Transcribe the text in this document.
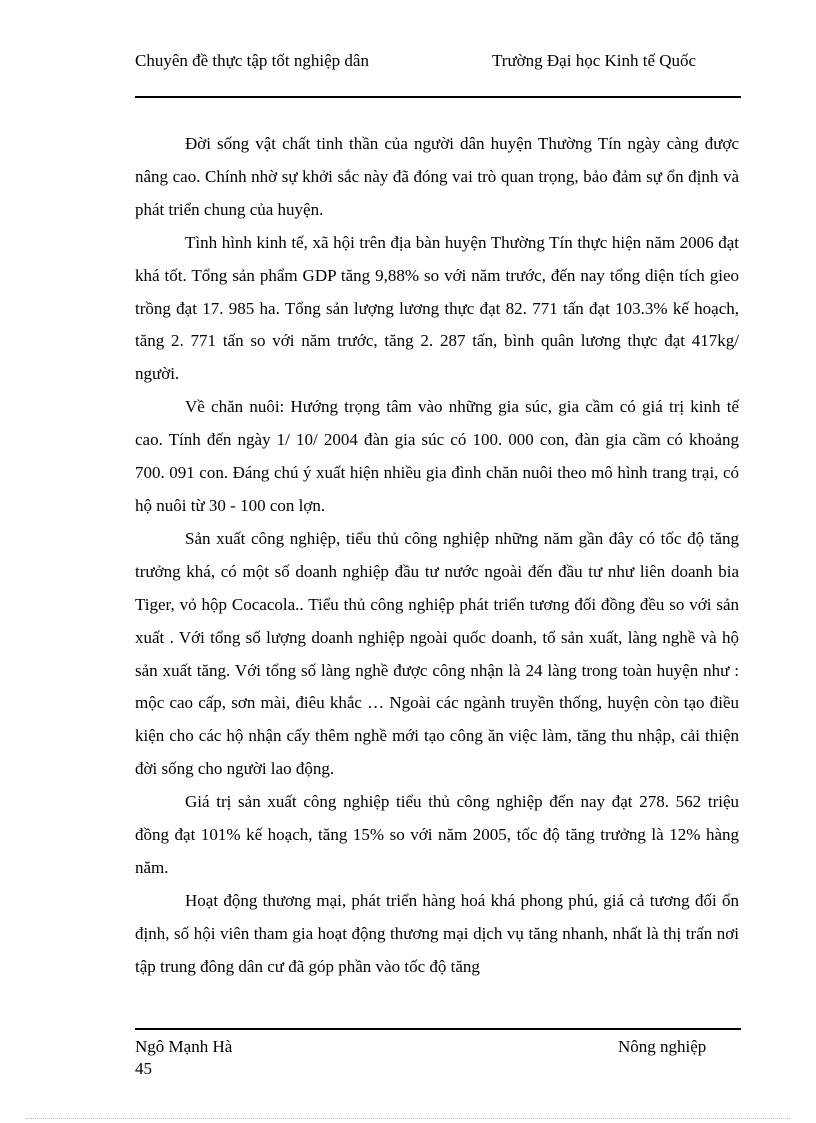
Chuyên đề thực tập tốt nghiệp dân	Trường Đại học Kinh tế Quốc

Đời sống vật chất tinh thần của người dân huyện Thường Tín ngày càng được nâng cao. Chính nhờ sự khởi sắc này đã đóng vai trò quan trọng, bảo đảm sự ổn định và phát triển chung của huyện.

Tình hình kinh tế, xã hội trên địa bàn huyện Thường Tín thực hiện năm 2006 đạt khá tốt. Tổng sản phẩm GDP tăng 9,88% so với năm trước, đến nay tổng diện tích gieo trồng đạt 17. 985 ha. Tổng sản lượng lương thực đạt 82. 771 tấn đạt 103.3% kế hoạch, tăng 2. 771 tấn so với năm trước, tăng 2. 287 tấn, bình quân lương thực đạt 417kg/ người.

Về chăn nuôi: Hướng trọng tâm vào những gia súc, gia cầm có giá trị kinh tế cao. Tính đến ngày 1/ 10/ 2004 đàn gia súc có 100. 000 con, đàn gia cầm có khoảng 700. 091 con. Đáng chú ý xuất hiện nhiều gia đình chăn nuôi theo mô hình trang trại, có hộ nuôi từ 30 - 100 con lợn.

Sản xuất công nghiệp, tiểu thủ công nghiệp những năm gần đây có tốc độ tăng trưởng khá, có một số doanh nghiệp đầu tư nước ngoài đến đầu tư như liên doanh bia Tiger, vỏ hộp Cocacola.. Tiểu thủ công nghiệp phát triển tương đối đồng đều so với sản xuất . Với tổng số lượng doanh nghiệp ngoài quốc doanh, tổ sản xuất, làng nghề và hộ sản xuất tăng. Với tổng số làng nghề được công nhận là 24 làng trong toàn huyện như : mộc cao cấp, sơn mài, điêu khắc … Ngoài các ngành truyền thống, huyện còn tạo điều kiện cho các hộ nhận cấy thêm nghề mới tạo công ăn việc làm, tăng thu nhập, cải thiện đời sống cho người lao động.

Giá trị sản xuất công nghiệp tiểu thủ công nghiệp đến nay đạt 278. 562 triệu đồng đạt 101% kế hoạch, tăng 15% so với năm 2005, tốc độ tăng trưởng là 12% hàng năm.

Hoạt động thương mại, phát triển hàng hoá khá phong phú, giá cả tương đối ổn định, số hội viên tham gia hoạt động thương mại dịch vụ tăng nhanh, nhất là thị trấn nơi tập trung đông dân cư đã góp phần vào tốc độ tăng

Ngô Mạnh Hà	Nông nghiệp
45
